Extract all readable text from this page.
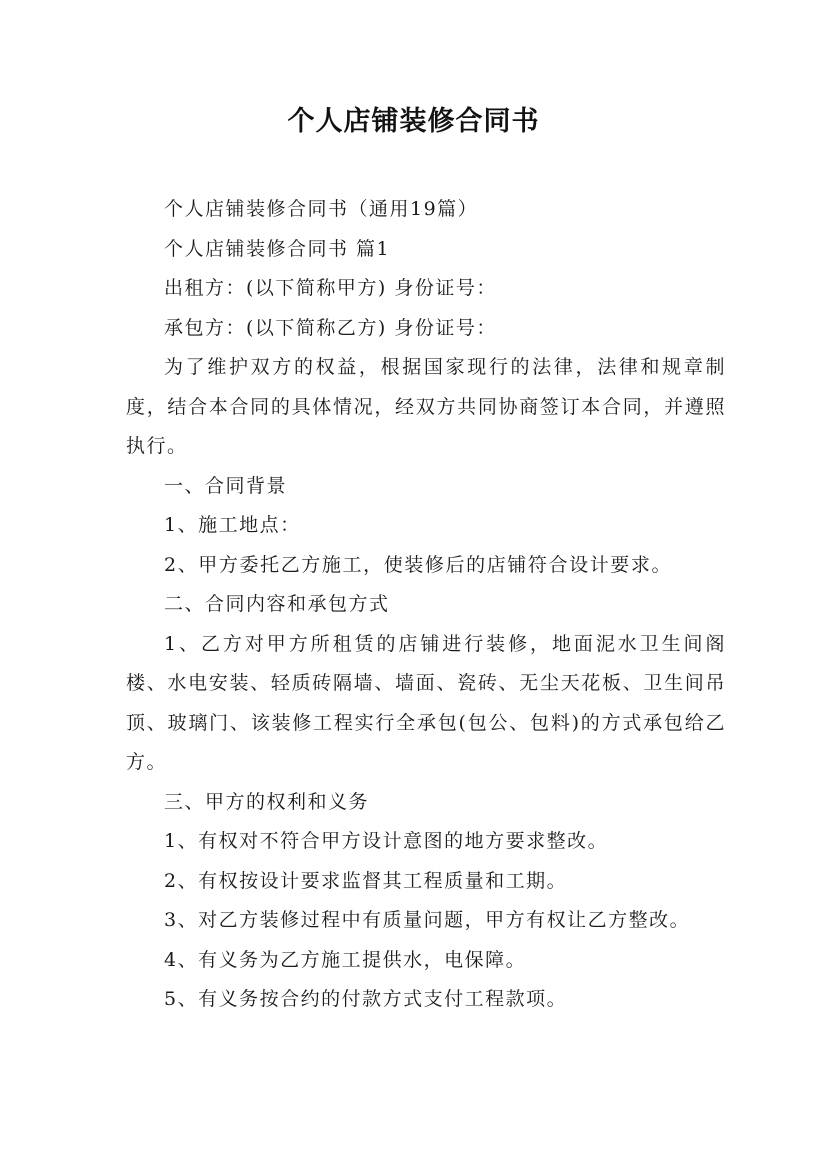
个人店铺装修合同书

个人店铺装修合同书（通用19篇）

个人店铺装修合同书 篇1

出租方：(以下简称甲方) 身份证号：

承包方：(以下简称乙方) 身份证号：

为了维护双方的权益，根据国家现行的法律，法律和规章制度，结合本合同的具体情况，经双方共同协商签订本合同，并遵照执行。

一、合同背景

1、施工地点：

2、甲方委托乙方施工，使装修后的店铺符合设计要求。

二、合同内容和承包方式

1、乙方对甲方所租赁的店铺进行装修，地面泥水卫生间阁楼、水电安装、轻质砖隔墙、墙面、瓷砖、无尘天花板、卫生间吊顶、玻璃门、该装修工程实行全承包(包公、包料)的方式承包给乙方。

三、甲方的权利和义务

1、有权对不符合甲方设计意图的地方要求整改。

2、有权按设计要求监督其工程质量和工期。

3、对乙方装修过程中有质量问题，甲方有权让乙方整改。

4、有义务为乙方施工提供水，电保障。

5、有义务按合约的付款方式支付工程款项。
